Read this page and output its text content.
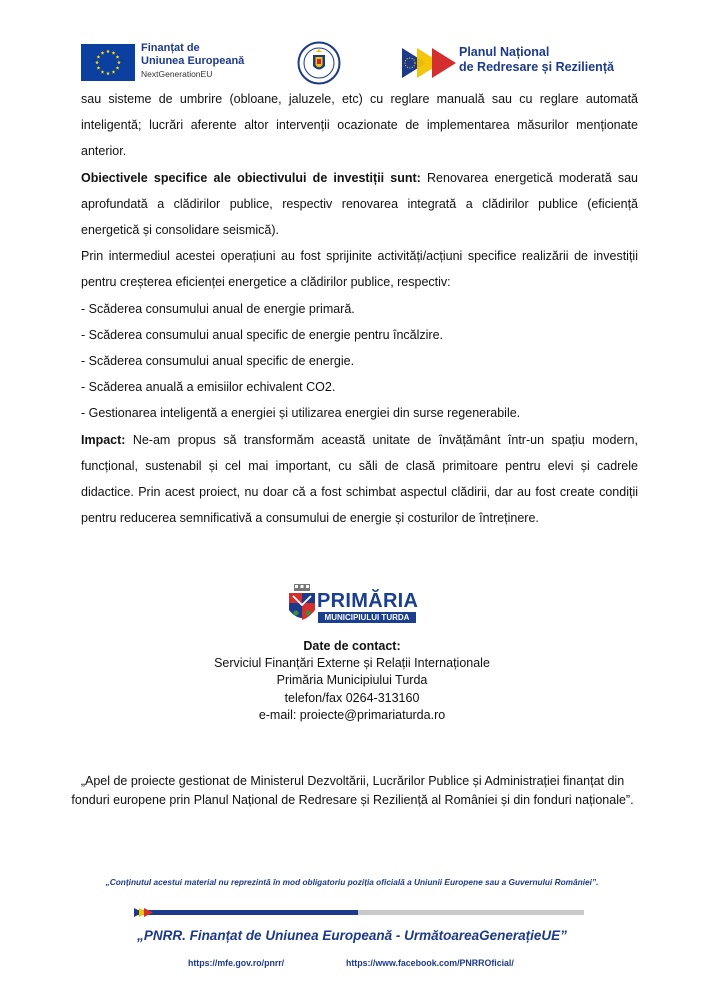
Finanțat de
Uniunea Europeană
NextGenerationEU
Planul Național
de Redresare și Reziliență

sau sisteme de umbrire (obloane, jaluzele, etc) cu reglare manuală sau cu reglare automată inteligentă; lucrări aferente altor intervenții ocazionate de implementarea măsurilor menționate anterior.

Obiectivele specifice ale obiectivului de investiții sunt: Renovarea energetică moderată sau aprofundată a clădirilor publice, respectiv renovarea integrată a clădirilor publice (eficiență energetică și consolidare seismică).

Prin intermediul acestei operațiuni au fost sprijinite activități/acțiuni specifice realizării de investiții pentru creșterea eficienței energetice a clădirilor publice, respectiv:

- Scăderea consumului anual de energie primară.

- Scăderea consumului anual specific de energie pentru încălzire.

- Scăderea consumului anual specific de energie.

- Scăderea anuală a emisiilor echivalent CO2.

- Gestionarea inteligentă a energiei și utilizarea energiei din surse regenerabile.

Impact: Ne-am propus să transformăm această unitate de învățământ într-un spațiu modern, funcțional, sustenabil și cel mai important, cu săli de clasă primitoare pentru elevi și cadrele didactice. Prin acest proiect, nu doar că a fost schimbat aspectul clădirii, dar au fost create condiții pentru reducerea semnificativă a consumului de energie și costurilor de întreținere.

PRIMĂRIA
MUNICIPIULUI TURDA
Date de contact:
Serviciul Finanțări Externe și Relații Internaționale
Primăria Municipiului Turda
telefon/fax 0264-313160
e-mail: proiecte@primariaturda.ro
„Apel de proiecte gestionat de Ministerul Dezvoltării, Lucrărilor Publice și Administrației finanțat din fonduri europene prin Planul Național de Redresare și Reziliență al României și din fonduri naționale”.
„Conținutul acestui material nu reprezintă în mod obligatoriu poziția oficială a Uniunii Europene sau a Guvernului României”.
„PNRR. Finanțat de Uniunea Europeană - UrmătoareaGenerațieUE”
https://mfe.gov.ro/pnrr/	https://www.facebook.com/PNRROficial/
